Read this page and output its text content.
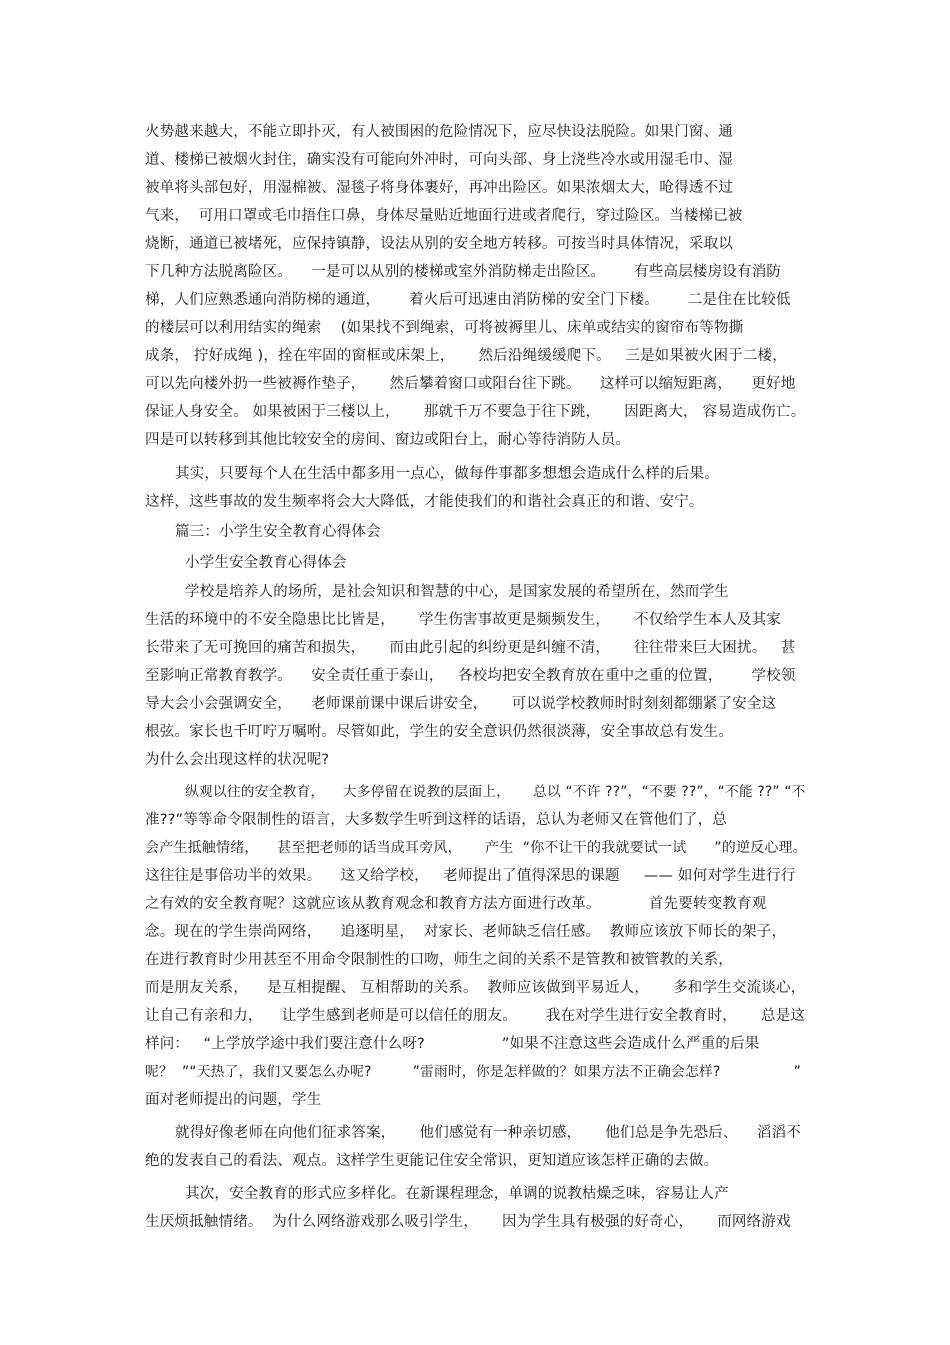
火势越来越大，不能立即扑灭，有人被围困的危险情况下，应尽快设法脱险。如果门窗、通
道、楼梯已被烟火封住，确实没有可能向外冲时，可向头部、身上浇些冷水或用湿毛巾、湿
被单将头部包好，用湿棉被、湿毯子将身体裹好，再冲出险区。如果浓烟太大，呛得透不过
气来，  可用口罩或毛巾捂住口鼻，身体尽量贴近地面行进或者爬行，穿过险区。当楼梯已被
烧断，通道已被堵死，应保持镇静，设法从别的安全地方转移。可按当时具体情况，采取以
下几种方法脱离险区。    一是可以从别的楼梯或室外消防梯走出险区。      有些高层楼房设有消防
梯，人们应熟悉通向消防梯的通道，      着火后可迅速由消防梯的安全门下楼。      二是住在比较低
的楼层可以利用结实的绳索    (如果找不到绳索，可将被褥里儿、床单或结实的窗帘布等物撕
成条， 拧好成绳 )，拴在牢固的窗框或床架上，     然后沿绳缓缓爬下。   三是如果被火困于二楼，
可以先向楼外扔一些被褥作垫子，     然后攀着窗口或阳台往下跳。    这样可以缩短距离，    更好地
保证人身安全。 如果被困于三楼以上，     那就千万不要急于往下跳，     因距离大， 容易造成伤亡。
四是可以转移到其他比较安全的房间、窗边或阳台上，耐心等待消防人员。
其实，只要每个人在生活中都多用一点心，做每件事都多想想会造成什么样的后果。
这样，这些事故的发生频率将会大大降低，才能使我们的和谐社会真正的和谐、安宁。
篇三：小学生安全教育心得体会
小学生安全教育心得体会
学校是培养人的场所，是社会知识和智慧的中心，是国家发展的希望所在，然而学生
生活的环境中的不安全隐患比比皆是，     学生伤害事故更是频频发生，     不仅给学生本人及其家
长带来了无可挽回的痛苦和损失，     而由此引起的纠纷更是纠缠不清，     往往带来巨大困扰。   甚
至影响正常教育教学。    安全责任重于泰山，   各校均把安全教育放在重中之重的位置，      学校领
导大会小会强调安全，    老师课前课中课后讲安全，     可以说学校教师时时刻刻都绷紧了安全这
根弦。家长也千叮咛万嘱咐。尽管如此，学生的安全意识仍然很淡薄，安全事故总有发生。
为什么会出现这样的状况呢?
纵观以往的安全教育，    大多停留在说教的层面上，     总以 “不许 ??”，“不要 ??”，“不能 ??” “不
准??”等等命令限制性的语言，大多数学生听到这样的话语，总认为老师又在管他们了，总
会产生抵触情绪，    甚至把老师的话当成耳旁风，     产生  “你不让干的我就要试一试      ”的逆反心理。
这往往是事倍功半的效果。    这又给学校，   老师提出了值得深思的课题     —— 如何对学生进行行
之有效的安全教育呢？这就应该从教育观念和教育方法方面进行改革。          首先要转变教育观
念。现在的学生崇尚网络，    追逐明星，  对家长、老师缺乏信任感。  教师应该放下师长的架子，
在进行教育时少用甚至不用命令限制性的口吻，师生之间的关系不是管教和被管教的关系，
而是朋友关系，    是互相提醒、 互相帮助的关系。  教师应该做到平易近人，     多和学生交流谈心，
让自己有亲和力，    让学生感到老师是可以信任的朋友。      我在对学生进行安全教育时，     总是这
样问：   “上学放学途中我们要注意什么呀?                ”如果不注意这些会造成什么严重的后果
呢？  ”“天热了，我们又要怎么办呢?         ”雷雨时，你是怎样做的？如果方法不正确会怎样?                ”
面对老师提出的问题，学生
就得好像老师在向他们征求答案，     他们感觉有一种亲切感，     他们总是争先恐后、    滔滔不
绝的发表自己的看法、观点。这样学生更能记住安全常识，更知道应该怎样正确的去做。
其次，安全教育的形式应多样化。在新课程理念，单调的说教枯燥乏味，容易让人产
生厌烦抵触情绪。  为什么网络游戏那么吸引学生，     因为学生具有极强的好奇心，     而网络游戏
